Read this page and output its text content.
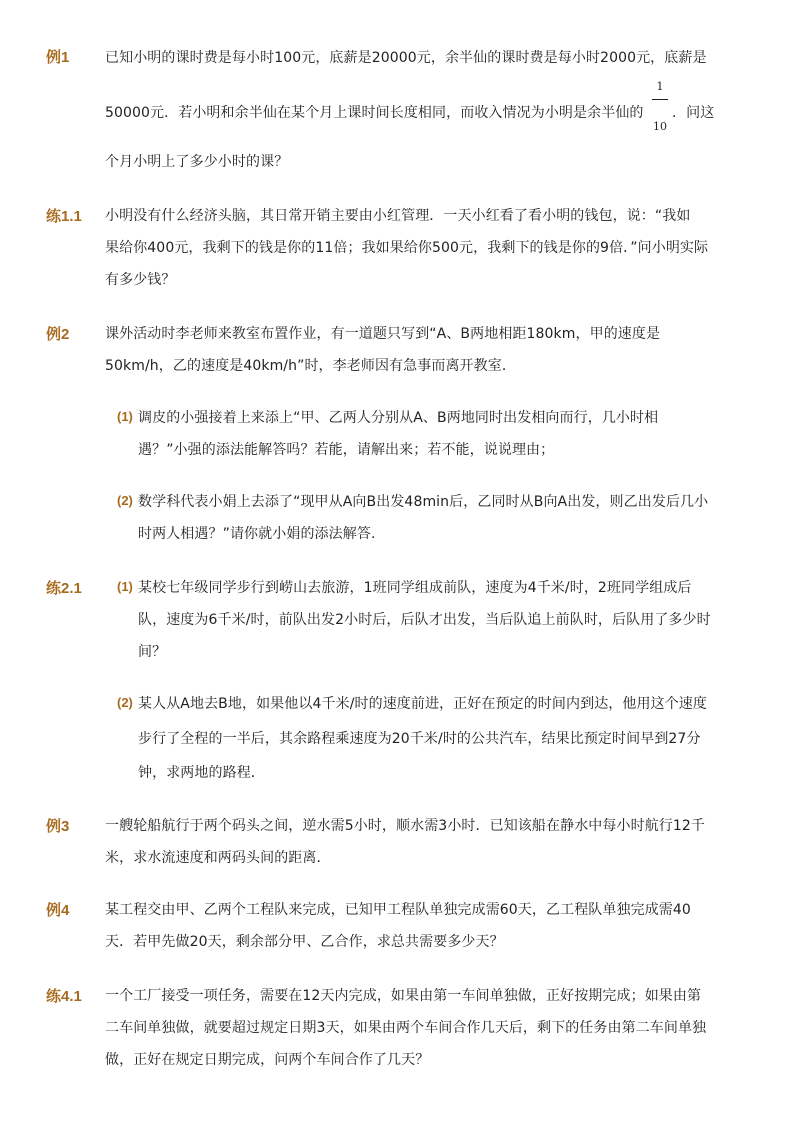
例1	已知小明的课时费是每小时100元，底薪是20000元，余半仙的课时费是每小时2000元，底薪是
1
10
50000元．若小明和余半仙在某个月上课时间长度相同，而收入情况为小明是余半仙的 ．问这
个月小明上了多少小时的课？
练1.1 小明没有什么经济头脑，其日常开销主要由小红管理．一天小红看了看小明的钱包，说：“我如
果给你400元，我剩下的钱是你的11倍；我如果给你500元，我剩下的钱是你的9倍．”问小明实际
有多少钱？
例2	课外活动时李老师来教室布置作业，有一道题只写到“A、B两地相距180km，甲的速度是
50km/h，乙的速度是40km/h”时，李老师因有急事而离开教室．
(1) 调皮的小强接着上来添上“甲、乙两人分别从A、B两地同时出发相向而行，几小时相
遇？”小强的添法能解答吗？若能，请解出来；若不能，说说理由；
(2) 数学科代表小娟上去添了“现甲从A向B出发48min后，乙同时从B向A出发，则乙出发后几小
时两人相遇？”请你就小娟的添法解答.
练2.1	(1) 某校七年级同学步行到崂山去旅游，1班同学组成前队，速度为4千米/时，2班同学组成后
队，速度为6千米/时，前队出发2小时后，后队才出发，当后队追上前队时，后队用了多少时
间？
(2) 某人从A地去B地，如果他以4千米/时的速度前进，正好在预定的时间内到达，他用这个速度
步行了全程的一半后，其余路程乘速度为20千米/时的公共汽车，结果比预定时间早到27分
钟，求两地的路程．
例3	一艘轮船航行于两个码头之间，逆水需5小时，顺水需3小时．已知该船在静水中每小时航行12千
米，求水流速度和两码头间的距离．
例4	某工程交由甲、乙两个工程队来完成，已知甲工程队单独完成需60天，乙工程队单独完成需40
天．若甲先做20天，剩余部分甲、乙合作，求总共需要多少天？
练4.1 一个工厂接受一项任务，需要在12天内完成，如果由第一车间单独做，正好按期完成；如果由第
二车间单独做，就要超过规定日期3天，如果由两个车间合作几天后，剩下的任务由第二车间单独
做，正好在规定日期完成，问两个车间合作了几天？
